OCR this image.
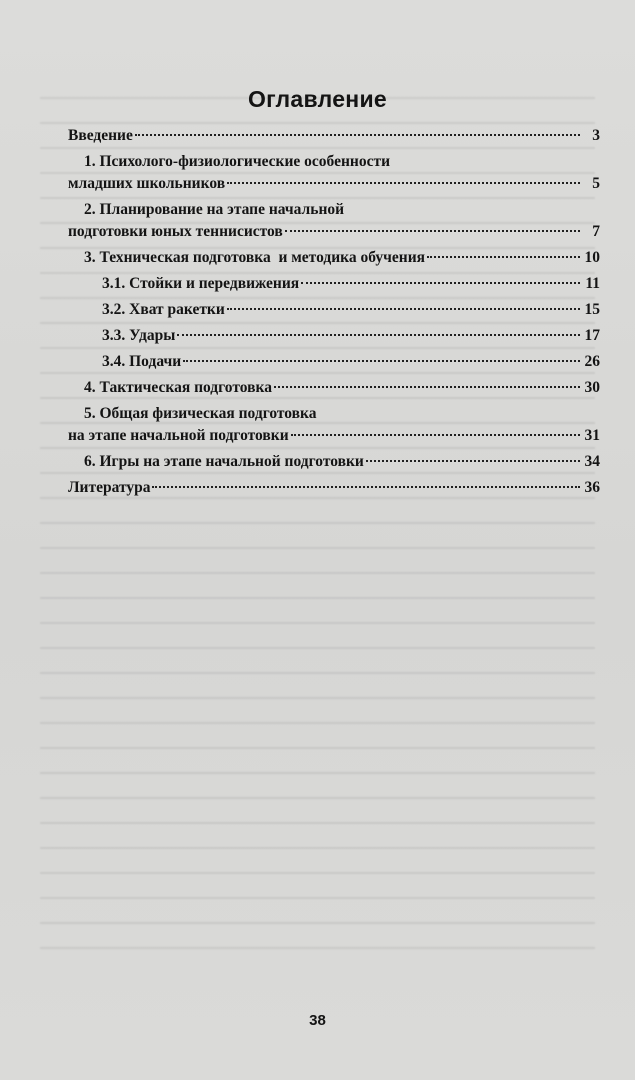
Оглавление
Введение	3
1. Психолого-физиологические особенности
младших школьников	5
2. Планирование на этапе начальной
подготовки юных теннисистов	7
3. Техническая подготовка  и методика обучения	10
3.1. Стойки и передвижения	11
3.2. Хват ракетки	15
3.3. Удары	17
3.4. Подачи	26
4. Тактическая подготовка	30
5. Общая физическая подготовка
на этапе начальной подготовки	31
6. Игры на этапе начальной подготовки	34
Литература	36
38
